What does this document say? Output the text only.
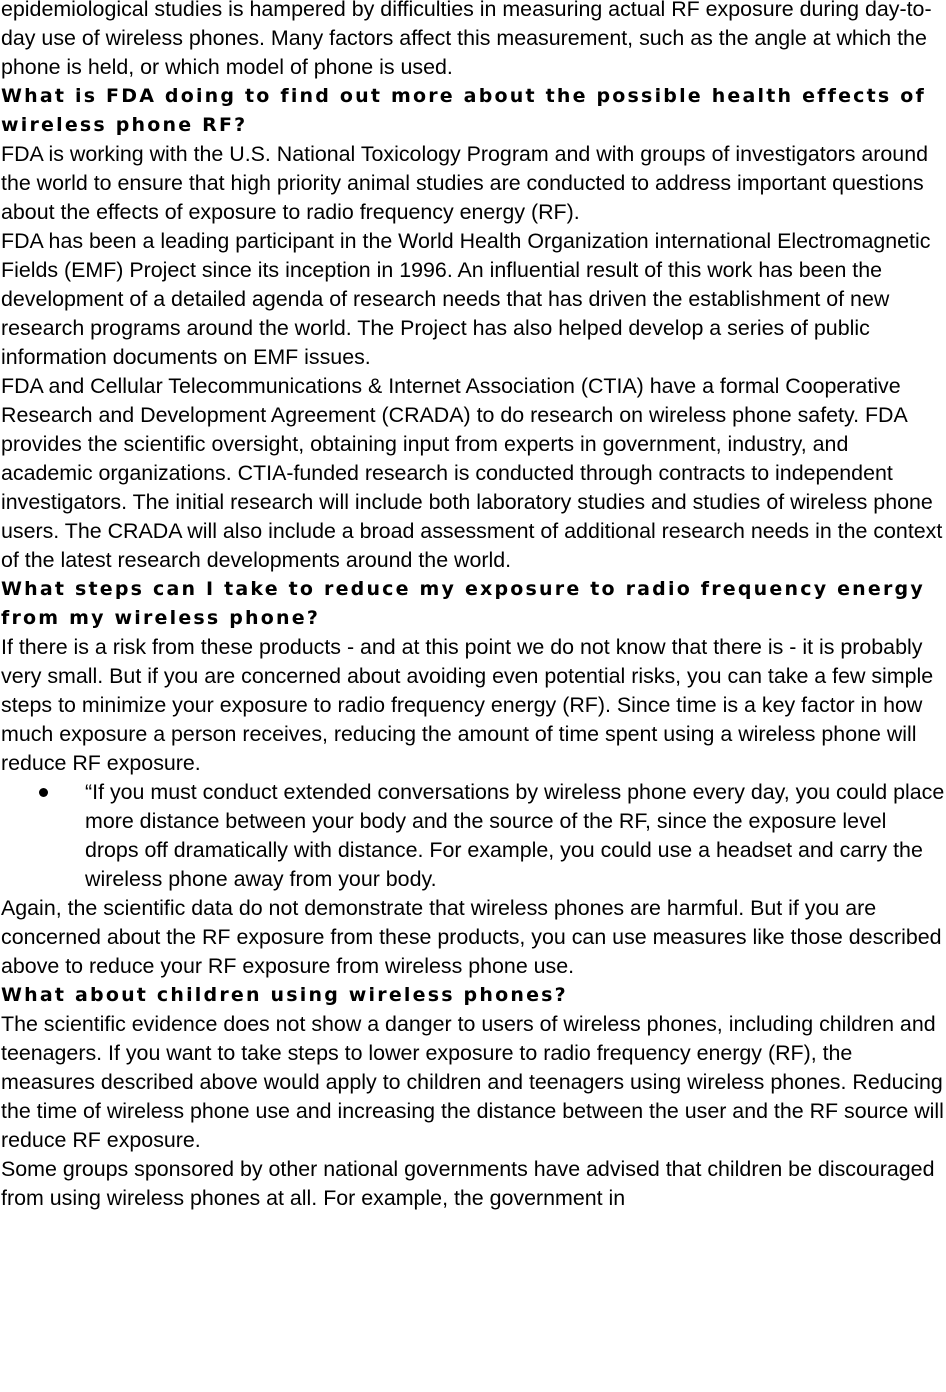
epidemiological studies is hampered by difficulties in measuring actual RF exposure during day-to-day use of wireless phones. Many factors affect this measurement, such as the angle at which the phone is held, or which model of phone is used.

What is FDA doing to find out more about the possible health effects of wireless phone RF?

FDA is working with the U.S. National Toxicology Program and with groups of investigators around the world to ensure that high priority animal studies are conducted to address important questions about the effects of exposure to radio frequency energy (RF).

FDA has been a leading participant in the World Health Organization international Electromagnetic Fields (EMF) Project since its inception in 1996. An influential result of this work has been the development of a detailed agenda of research needs that has driven the establishment of new research programs around the world. The Project has also helped develop a series of public information documents on EMF issues.

FDA and Cellular Telecommunications & Internet Association (CTIA) have a formal Cooperative Research and Development Agreement (CRADA) to do research on wireless phone safety. FDA provides the scientific oversight, obtaining input from experts in government, industry, and academic organizations. CTIA-funded research is conducted through contracts to independent investigators. The initial research will include both laboratory studies and studies of wireless phone users. The CRADA will also include a broad assessment of additional research needs in the context of the latest research developments around the world.

What steps can I take to reduce my exposure to radio frequency energy from my wireless phone?

If there is a risk from these products - and at this point we do not know that there is - it is probably very small. But if you are concerned about avoiding even potential risks, you can take a few simple steps to minimize your exposure to radio frequency energy (RF). Since time is a key factor in how much exposure a person receives, reducing the amount of time spent using a wireless phone will reduce RF exposure.

“If you must conduct extended conversations by wireless phone every day, you could place more distance between your body and the source of the RF, since the exposure level drops off dramatically with distance. For example, you could use a headset and carry the wireless phone away from your body.

Again, the scientific data do not demonstrate that wireless phones are harmful. But if you are concerned about the RF exposure from these products, you can use measures like those described above to reduce your RF exposure from wireless phone use.

What about children using wireless phones?

The scientific evidence does not show a danger to users of wireless phones, including children and teenagers. If you want to take steps to lower exposure to radio frequency energy (RF), the measures described above would apply to children and teenagers using wireless phones. Reducing the time of wireless phone use and increasing the distance between the user and the RF source will reduce RF exposure.

Some groups sponsored by other national governments have advised that children be discouraged from using wireless phones at all. For example, the government in
